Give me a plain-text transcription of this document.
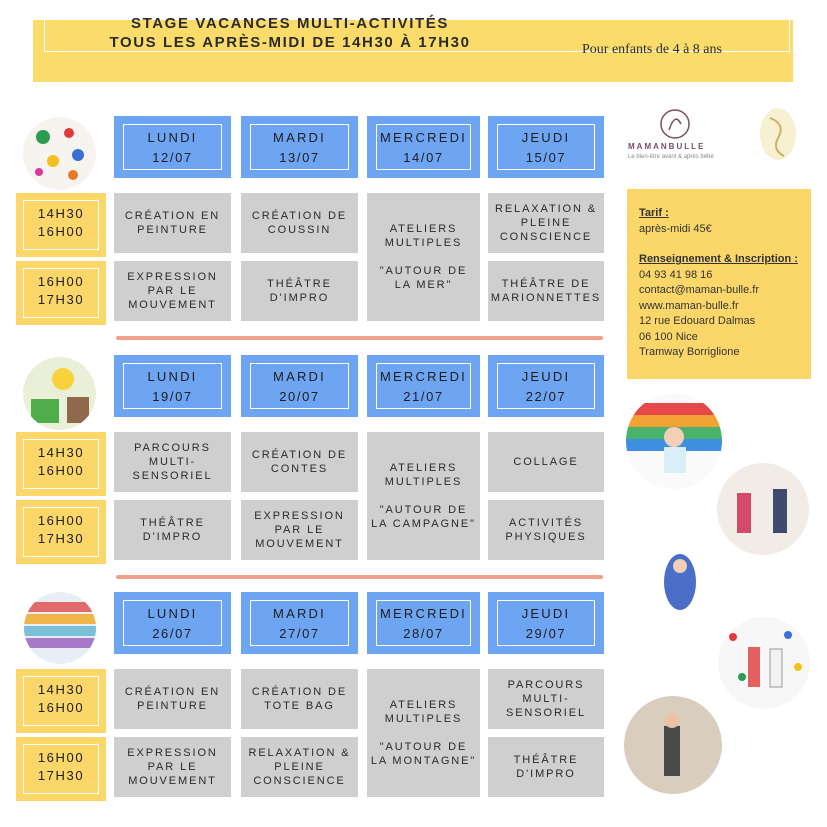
STAGE VACANCES MULTI-ACTIVITÉS
TOUS LES APRÈS-MIDI DE 14H30 À 17H30	Pour enfants de 4 à 8 ans
LUNDI
12/07
MARDI
13/07
MERCREDI
14/07
JEUDI
15/07
14H30
16H00
16H00
17H30
CRÉATION EN PEINTURE
CRÉATION DE COUSSIN
RELAXATION & PLEINE CONSCIENCE
EXPRESSION PAR LE MOUVEMENT
THÉÂTRE D'IMPRO
THÉÂTRE DE MARIONNETTES
ATELIERS MULTIPLES

"AUTOUR DE LA MER"
LUNDI
19/07
MARDI
20/07
MERCREDI
21/07
JEUDI
22/07
14H30
16H00
16H00
17H30
PARCOURS MULTI-SENSORIEL
CRÉATION DE CONTES
COLLAGE
THÉÂTRE D'IMPRO
EXPRESSION PAR LE MOUVEMENT
ACTIVITÉS PHYSIQUES
ATELIERS MULTIPLES

"AUTOUR DE LA CAMPAGNE"
LUNDI
26/07
MARDI
27/07
MERCREDI
28/07
JEUDI
29/07
14H30
16H00
16H00
17H30
CRÉATION EN PEINTURE
CRÉATION DE TOTE BAG
PARCOURS MULTI-SENSORIEL
EXPRESSION PAR LE MOUVEMENT
RELAXATION & PLEINE CONSCIENCE
THÉÂTRE D'IMPRO
ATELIERS MULTIPLES

"AUTOUR DE LA MONTAGNE"
MAMANBULLE
Le bien-être avant & après bébé

Tarif :

après-midi 45€

Renseignement & Inscription :

04 93 41 98 16

contact@maman-bulle.fr

www.maman-bulle.fr

12 rue Edouard Dalmas

06 100 Nice

Tramway Borriglione
